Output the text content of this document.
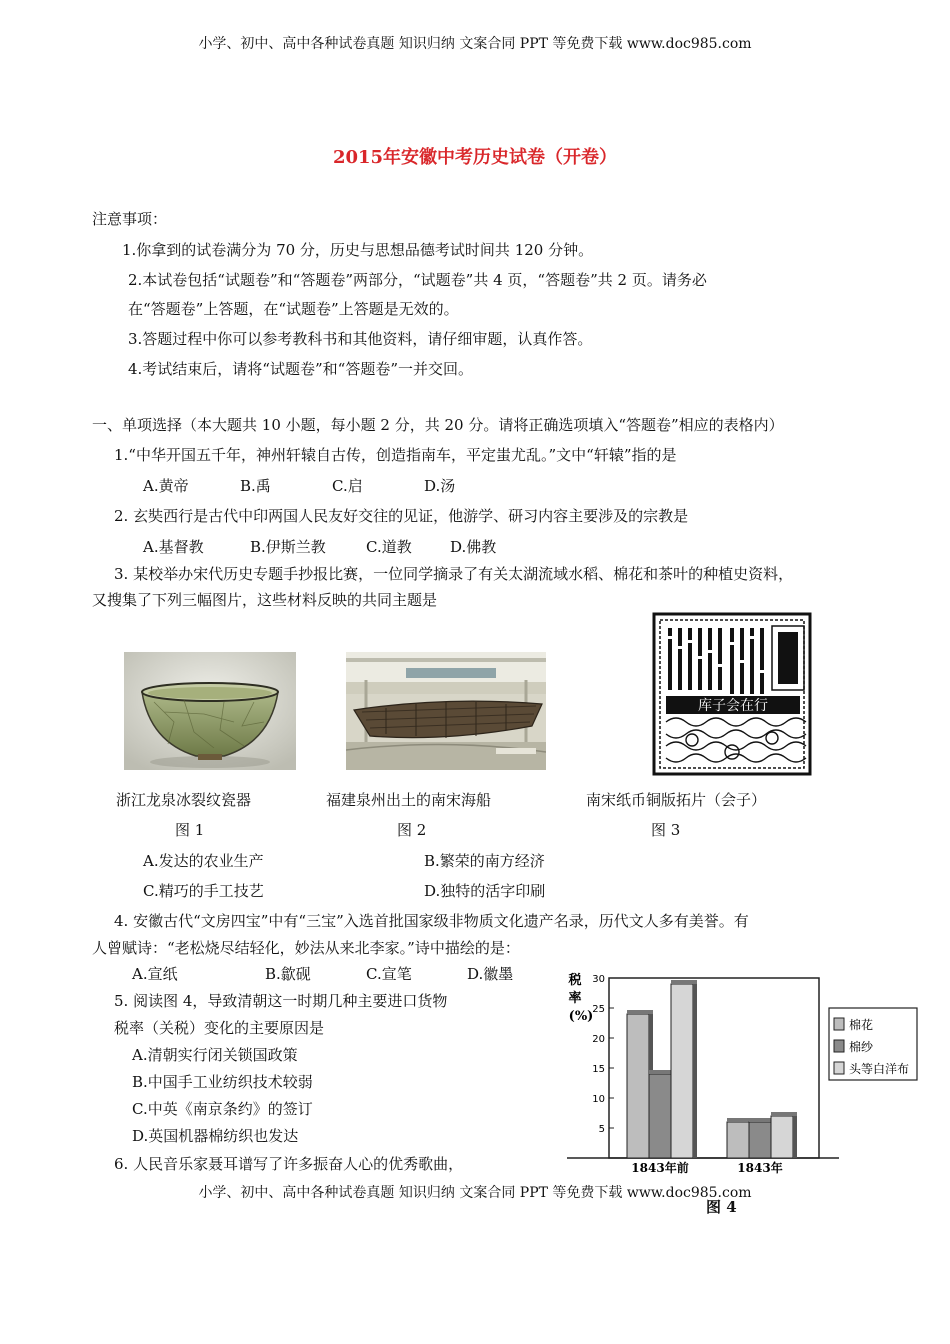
小学、初中、高中各种试卷真题 知识归纳 文案合同 PPT 等免费下载 www.doc985.com
2015年安徽中考历史试卷（开卷）
注意事项：
1.你拿到的试卷满分为 70 分，历史与思想品德考试时间共 120 分钟。
2.本试卷包括“试题卷”和“答题卷”两部分，“试题卷”共 4 页，“答题卷”共 2 页。请务必
在“答题卷”上答题，在“试题卷”上答题是无效的。
3.答题过程中你可以参考教科书和其他资料，请仔细审题，认真作答。
4.考试结束后，请将“试题卷”和“答题卷”一并交回。
一、单项选择（本大题共 10 小题，每小题 2 分，共 20 分。请将正确选项填入“答题卷”相应的表格内）
1.“中华开国五千年，神州轩辕自古传，创造指南车，平定蚩尤乱。”文中“轩辕”指的是
A.黄帝	B.禹	C.启	D.汤
2. 玄奘西行是古代中印两国人民友好交往的见证，他游学、研习内容主要涉及的宗教是
A.基督教	B.伊斯兰教	C.道教	D.佛教
3. 某校举办宋代历史专题手抄报比赛，一位同学摘录了有关太湖流域水稻、棉花和茶叶的种植史资料，
又搜集了下列三幅图片，这些材料反映的共同主题是
库子会在行
浙江龙泉冰裂纹瓷器	福建泉州出土的南宋海船	南宋纸币铜版拓片（会子）
图 1	图 2	图 3
A.发达的农业生产	B.繁荣的南方经济
C.精巧的手工技艺	D.独特的活字印刷
4. 安徽古代“文房四宝”中有“三宝”入选首批国家级非物质文化遗产名录，历代文人多有美誉。有
人曾赋诗：“老松烧尽结轻化，妙法从来北李家。”诗中描绘的是：
A.宣纸	B.歙砚	C.宣笔	D.徽墨
5. 阅读图 4，导致清朝这一时期几种主要进口货物
税率（关税）变化的主要原因是
A.清朝实行闭关锁国政策
B.中国手工业纺织技术较弱
C.中英《南京条约》的签订
D.英国机器棉纺织也发达
6. 人民音乐家聂耳谱写了许多振奋人心的优秀歌曲，
税
率
(%)
5
10
15
20
25
30
1843年前	1843年
棉花
棉纱
头等白洋布
图 4
小学、初中、高中各种试卷真题 知识归纳 文案合同 PPT 等免费下载 www.doc985.com
